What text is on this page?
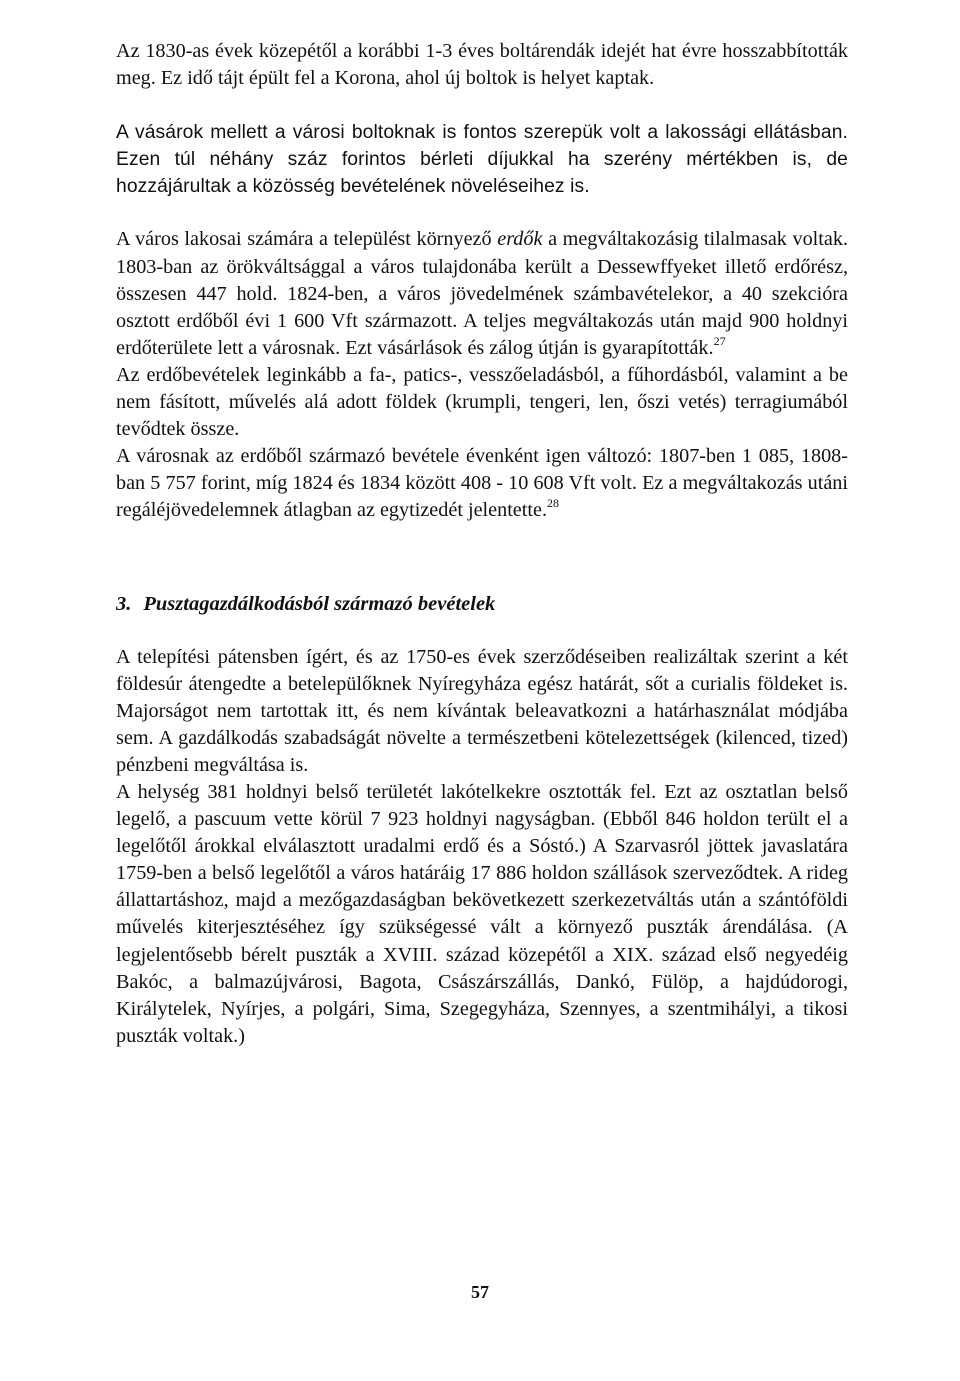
Az 1830-as évek közepétől a korábbi 1-3 éves boltárendák idejét hat évre hosszabbították meg. Ez idő tájt épült fel a Korona, ahol új boltok is helyet kaptak.

A vásárok mellett a városi boltoknak is fontos szerepük volt a lakossági ellátásban. Ezen túl néhány száz forintos bérleti díjukkal ha szerény mértékben is, de hozzájárultak a közösség bevételének növeléseihez is.

A város lakosai számára a települést környező erdők a megváltakozásig tilalmasak voltak. 1803-ban az örökváltsággal a város tulajdonába került a Dessewffyeket illető erdőrész, összesen 447 hold. 1824-ben, a város jövedelmének számbavételekor, a 40 szekcióra osztott erdőből évi 1 600 Vft származott. A teljes megváltakozás után majd 900 holdnyi erdőterülete lett a városnak. Ezt vásárlások és zálog útján is gyarapították.$^{27}$

Az erdőbevételek leginkább a fa-, patics-, vesszőeladásból, a fűhordásból, valamint a be nem fásított, művelés alá adott földek (krumpli, tengeri, len, őszi vetés) terragiumából tevődtek össze.

A városnak az erdőből származó bevétele évenként igen változó: 1807-ben 1 085, 1808-ban 5 757 forint, míg 1824 és 1834 között 408 - 10 608 Vft volt. Ez a megváltakozás utáni regáléjövedelemnek átlagban az egytizedét jelentette.$^{28}$

3. Pusztagazdálkodásból származó bevételek

A telepítési pátensben ígért, és az 1750-es évek szerződéseiben realizáltak szerint a két földesúr átengedte a betelepülőknek Nyíregyháza egész határát, sőt a curialis földeket is. Majorságot nem tartottak itt, és nem kívántak beleavatkozni a határhasználat módjába sem. A gazdálkodás szabadságát növelte a természetbeni kötelezettségek (kilenced, tized) pénzbeni megváltása is.

A helység 381 holdnyi belső területét lakótelkekre osztották fel. Ezt az osztatlan belső legelő, a pascuum vette körül 7 923 holdnyi nagyságban. (Ebből 846 holdon terült el a legelőtől árokkal elválasztott uradalmi erdő és a Sóstó.) A Szarvasról jöttek javaslatára 1759-ben a belső legelőtől a város határáig 17 886 holdon szállások szerveződtek. A rideg állattartáshoz, majd a mezőgazdaságban bekövetkezett szerkezetváltás után a szántóföldi művelés kiterjesztéséhez így szükségessé vált a környező puszták árendálása. (A legjelentősebb bérelt puszták a XVIII. század közepétől a XIX. század első negyedéig Bakóc, a balmazújvárosi, Bagota, Császárszállás, Dankó, Fülöp, a hajdúdorogi, Királytelek, Nyírjes, a polgári, Sima, Szegegyháza, Szennyes, a szentmihályi, a tikosi puszták voltak.)

57
